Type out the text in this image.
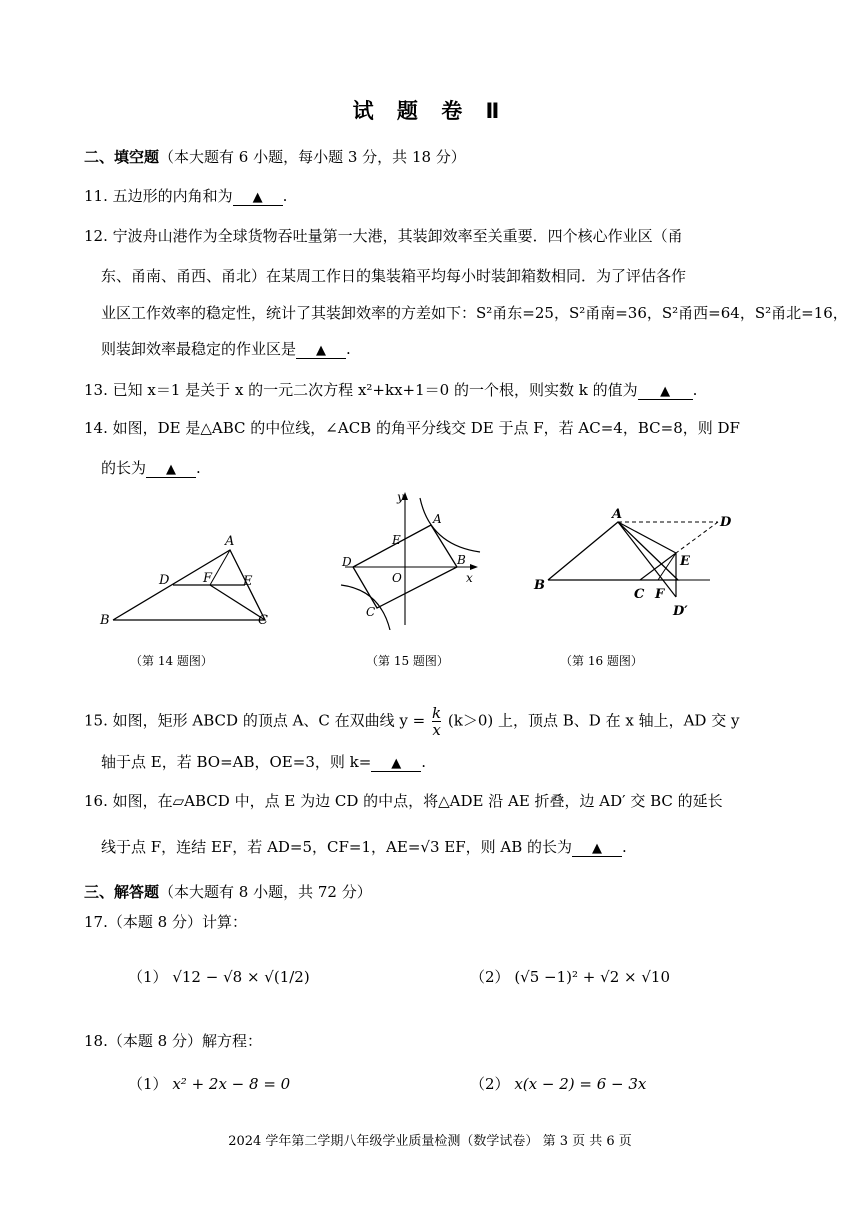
试 题 卷 Ⅱ
二、填空题（本大题有 6 小题，每小题 3 分，共 18 分）
11. 五边形的内角和为 ▲ .
12. 宁波舟山港作为全球货物吞吐量第一大港，其装卸效率至关重要．四个核心作业区（甬
东、甬南、甬西、甬北）在某周工作日的集装箱平均每小时装卸箱数相同．为了评估各作
业区工作效率的稳定性，统计了其装卸效率的方差如下：S²甬东=25，S²甬南=36，S²甬西=64，S²甬北=16，
则装卸效率最稳定的作业区是 ▲ .
13. 已知 x＝1 是关于 x 的一元二次方程 x²+kx+1＝0 的一个根，则实数 k 的值为 ▲ .
14. 如图，DE 是△ABC 的中位线，∠ACB 的角平分线交 DE 于点 F，若 AC=4，BC=8，则 DF
的长为 ▲ .
A
D	F E
B	C
y
A
E
D
O
B
x
C
A
D
E
B
C F
D′
（第 14 题图）	（第 15 题图）	（第 16 题图）
15. 如图，矩形 ABCD 的顶点 A、C 在双曲线 $y = \frac{k}{x} (k>0)$ 上，顶点 B、D 在 x 轴上，AD 交 y
轴于点 E，若 BO=AB，OE=3，则 k= ▲ .
16. 如图，在▱ABCD 中，点 E 为边 CD 的中点，将△ADE 沿 AE 折叠，边 AD′ 交 BC 的延长
线于点 F，连结 EF，若 AD=5，CF=1，AE=√3 EF，则 AB 的长为 ▲ .
三、解答题（本大题有 8 小题，共 72 分）
17.（本题 8 分）计算：
（1） √12 − √8 × √(1/2)	（2） (√5 −1)² + √2 × √10
18.（本题 8 分）解方程：
（1） x² + 2x − 8 = 0	（2） x(x − 2) = 6 − 3x
2024 学年第二学期八年级学业质量检测（数学试卷） 第 3 页 共 6 页
